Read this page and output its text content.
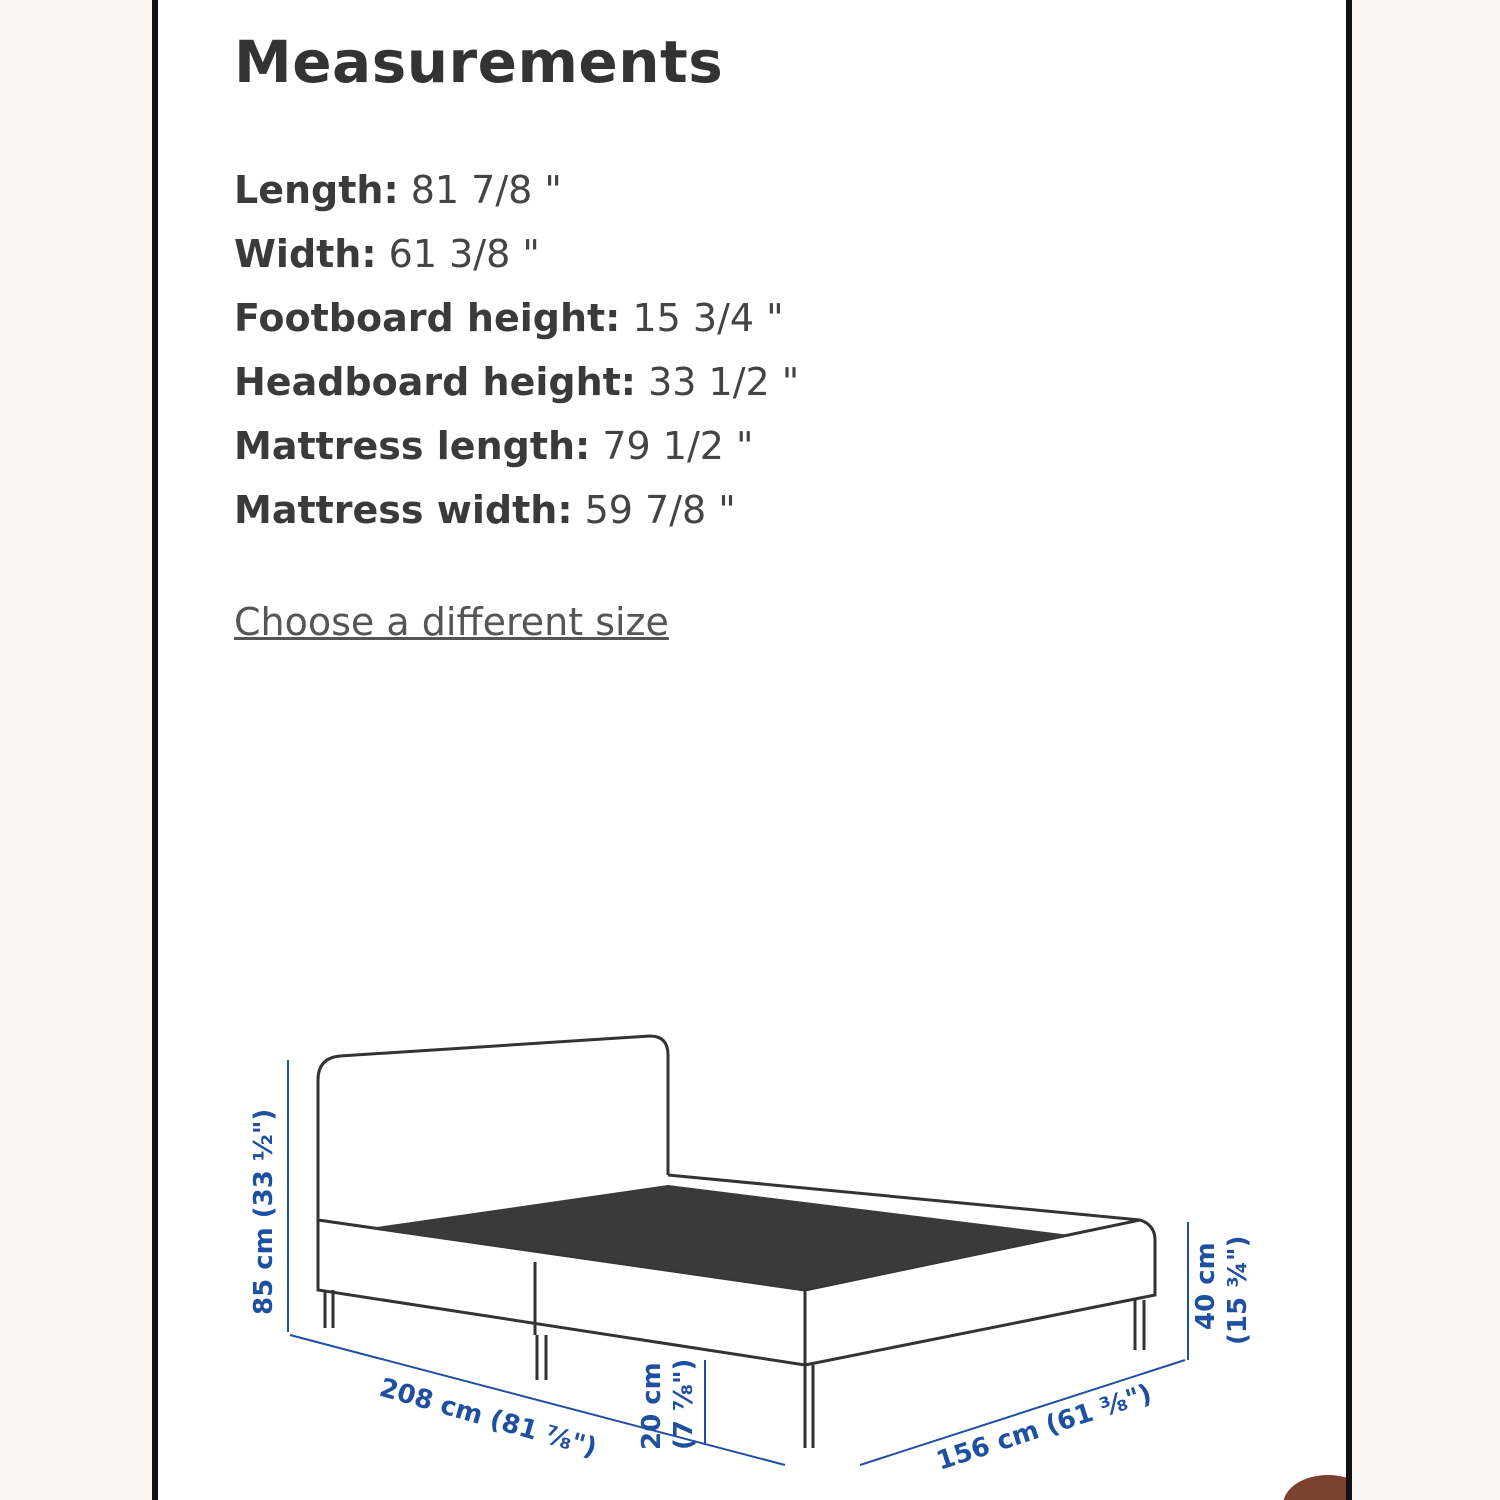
Measurements
Length: 81 7/8 "
Width: 61 3/8 "
Footboard height: 15 3/4 "
Headboard height: 33 1/2 "
Mattress length: 79 1/2 "
Mattress width: 59 7/8 "
Choose a different size
85 cm (33 ½")
208 cm (81 ⅞") 20 cm (7 ⅞")
40 cm (15 ¾")
156 cm (61 ⅜")
